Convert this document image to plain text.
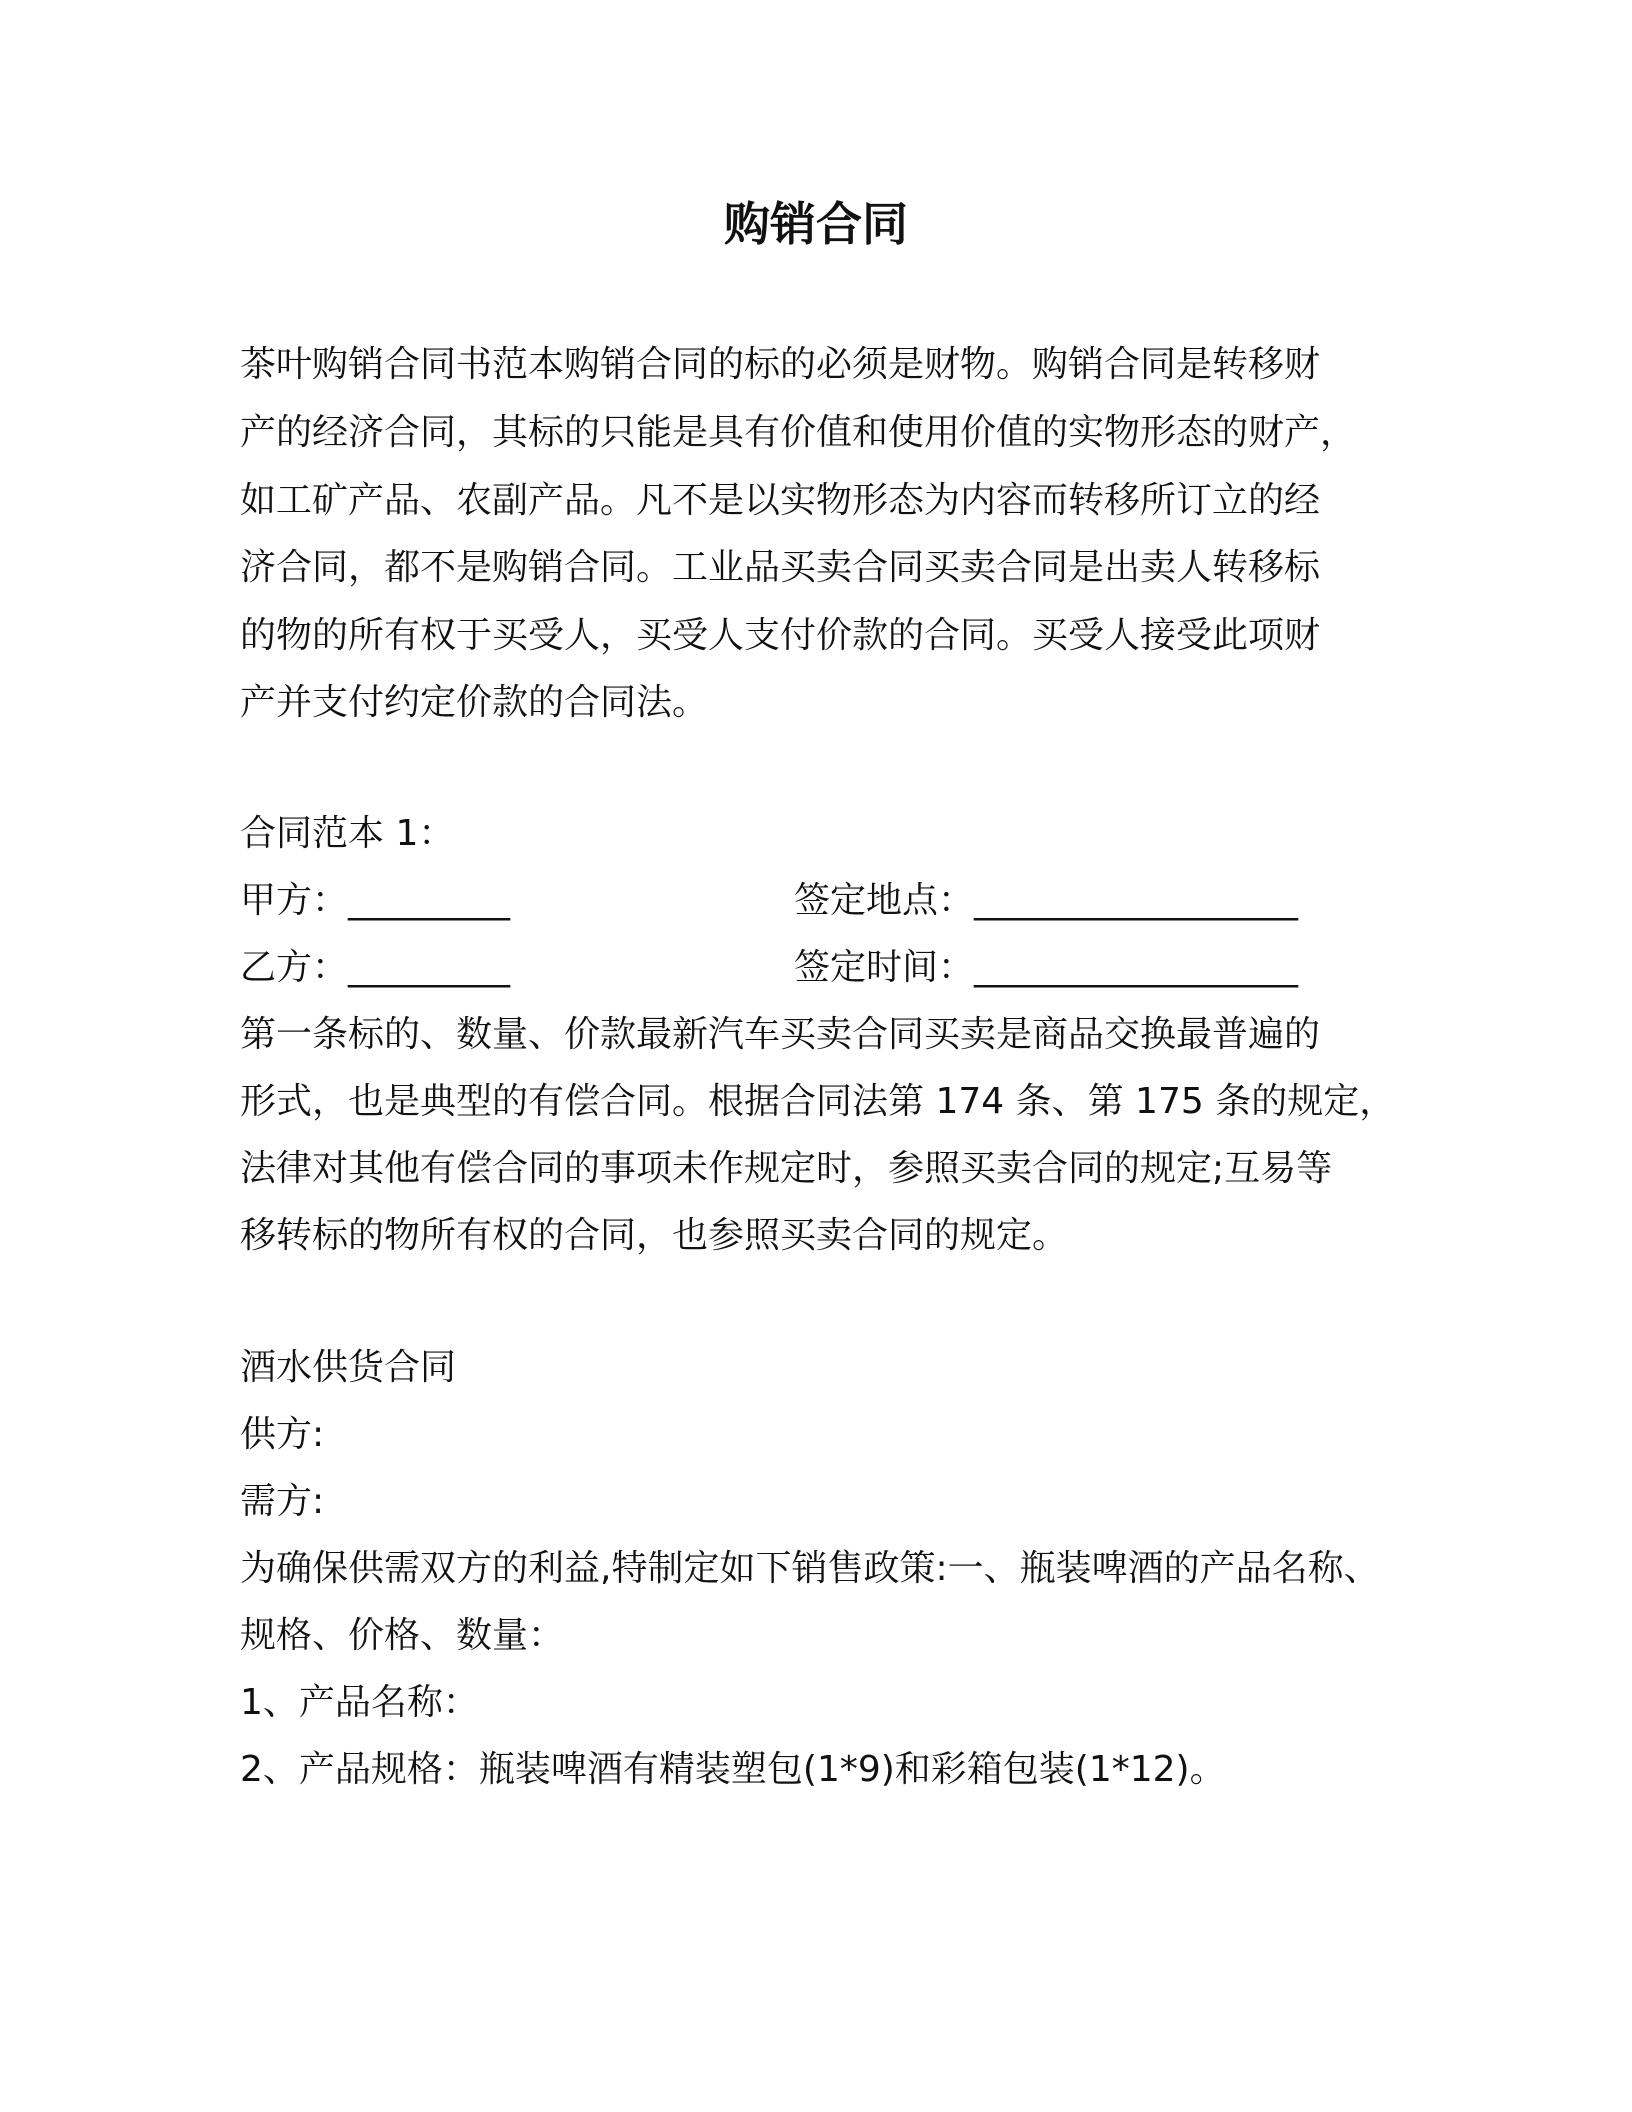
购销合同

茶叶购销合同书范本购销合同的标的必须是财物。购销合同是转移财

产的经济合同，其标的只能是具有价值和使用价值的实物形态的财产，

如工矿产品、农副产品。凡不是以实物形态为内容而转移所订立的经

济合同，都不是购销合同。工业品买卖合同买卖合同是出卖人转移标

的物的所有权于买受人，买受人支付价款的合同。买受人接受此项财

产并支付约定价款的合同法。

合同范本 1：

甲方：_________	签定地点：__________________

乙方：_________	签定时间：__________________

第一条标的、数量、价款最新汽车买卖合同买卖是商品交换最普遍的

形式，也是典型的有偿合同。根据合同法第 174 条、第 175 条的规定，

法律对其他有偿合同的事项未作规定时，参照买卖合同的规定;互易等

移转标的物所有权的合同，也参照买卖合同的规定。

酒水供货合同

供方:

需方:

为确保供需双方的利益,特制定如下销售政策:一、瓶装啤酒的产品名称、

规格、价格、数量：

1、产品名称：

2、产品规格：瓶装啤酒有精装塑包(1*9)和彩箱包装(1*12)。
